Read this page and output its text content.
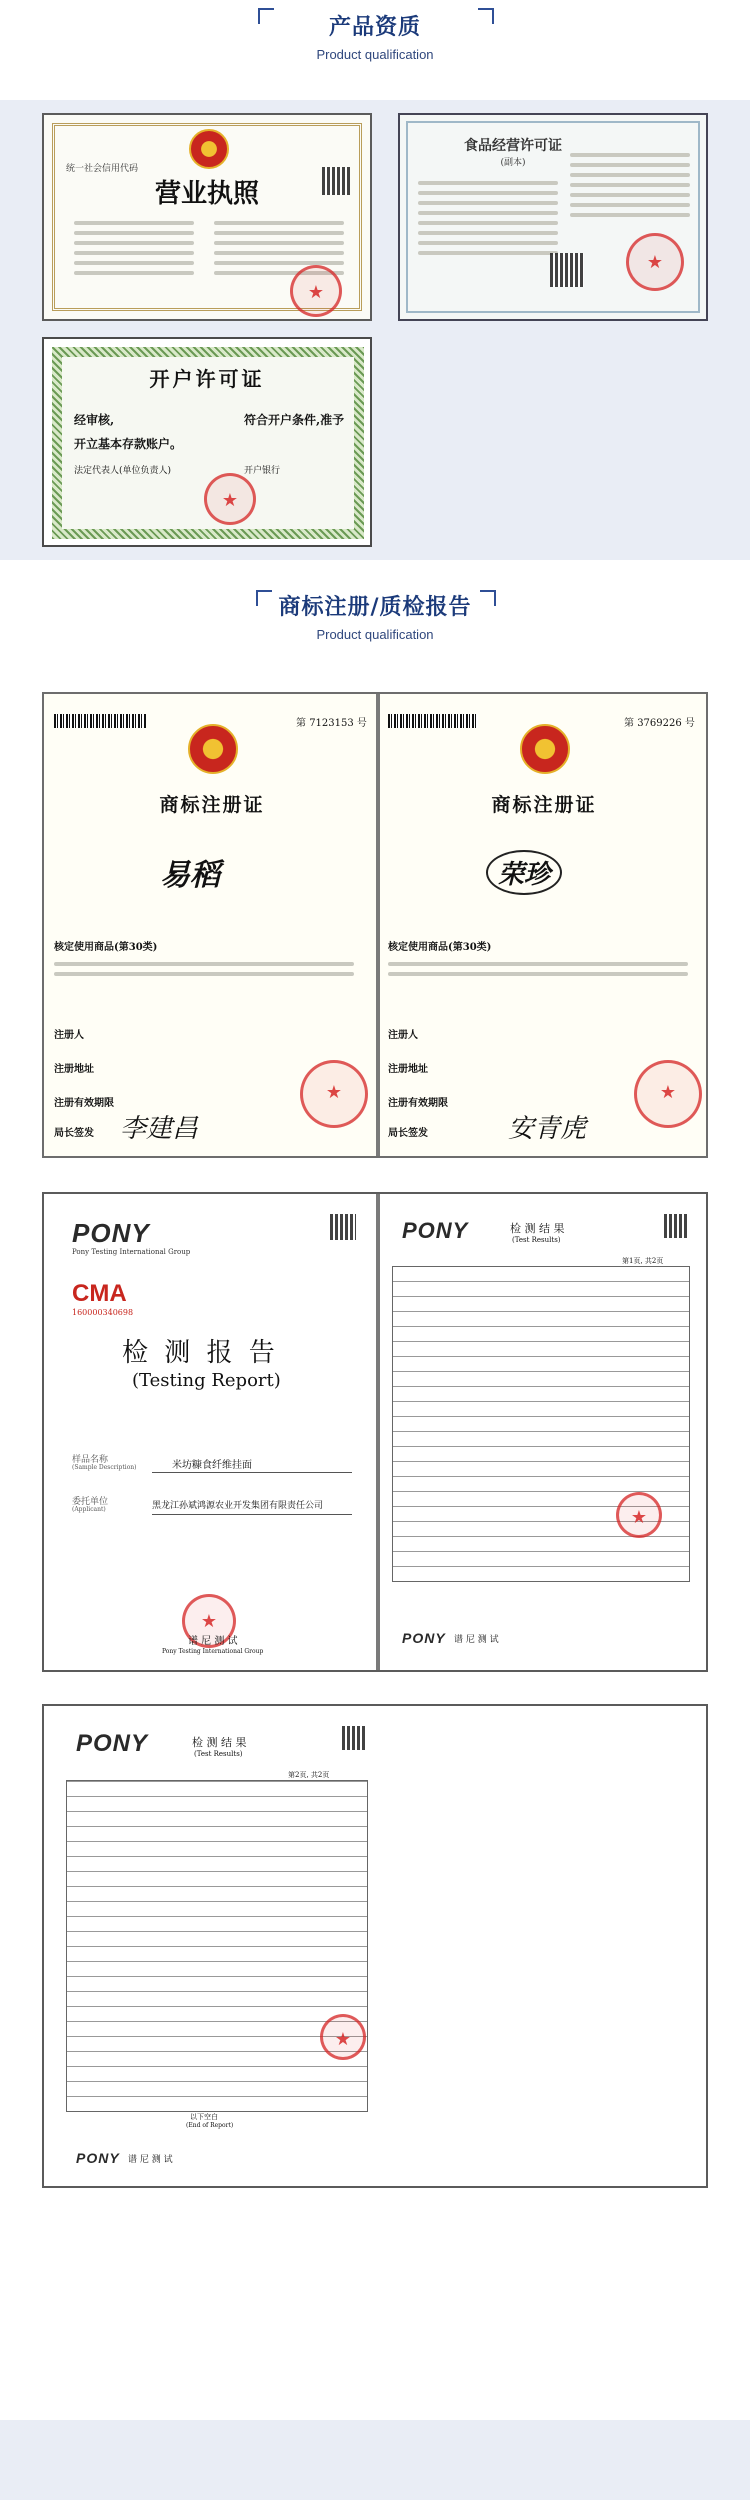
产品资质
Product qualification
统一社会信用代码
营业执照
★
食品经营许可证
(副本)
★
开户许可证
经审核,	符合开户条件,准予
开立基本存款账户。
法定代表人(单位负责人)	开户银行
★
商标注册/质检报告
Product qualification
第 7123153 号
商标注册证
易稻
核定使用商品(第30类)
注册人
注册地址
注册有效期限
局长签发 李建昌
★
第 3769226 号
商标注册证
荣珍
核定使用商品(第30类)
注册人
注册地址
注册有效期限
局长签发	安青虎
★
PONY
Pony Testing International Group
CMA
160000340698
检 测 报 告
(Testing Report)
样品名称
(Sample Description)	米坊糠食纤维挂面
委托单位
(Applicant)	黑龙江孙斌鸿源农业开发集团有限责任公司
★
谱 尼 测 试
Pony Testing International Group
PONY	检 测 结 果
(Test Results)
第1页, 共2页
★
PONY 谱 尼 测 试
PONY	检 测 结 果
(Test Results)
第2页, 共2页
★
以下空白
(End of Report)
PONY 谱 尼 测 试
